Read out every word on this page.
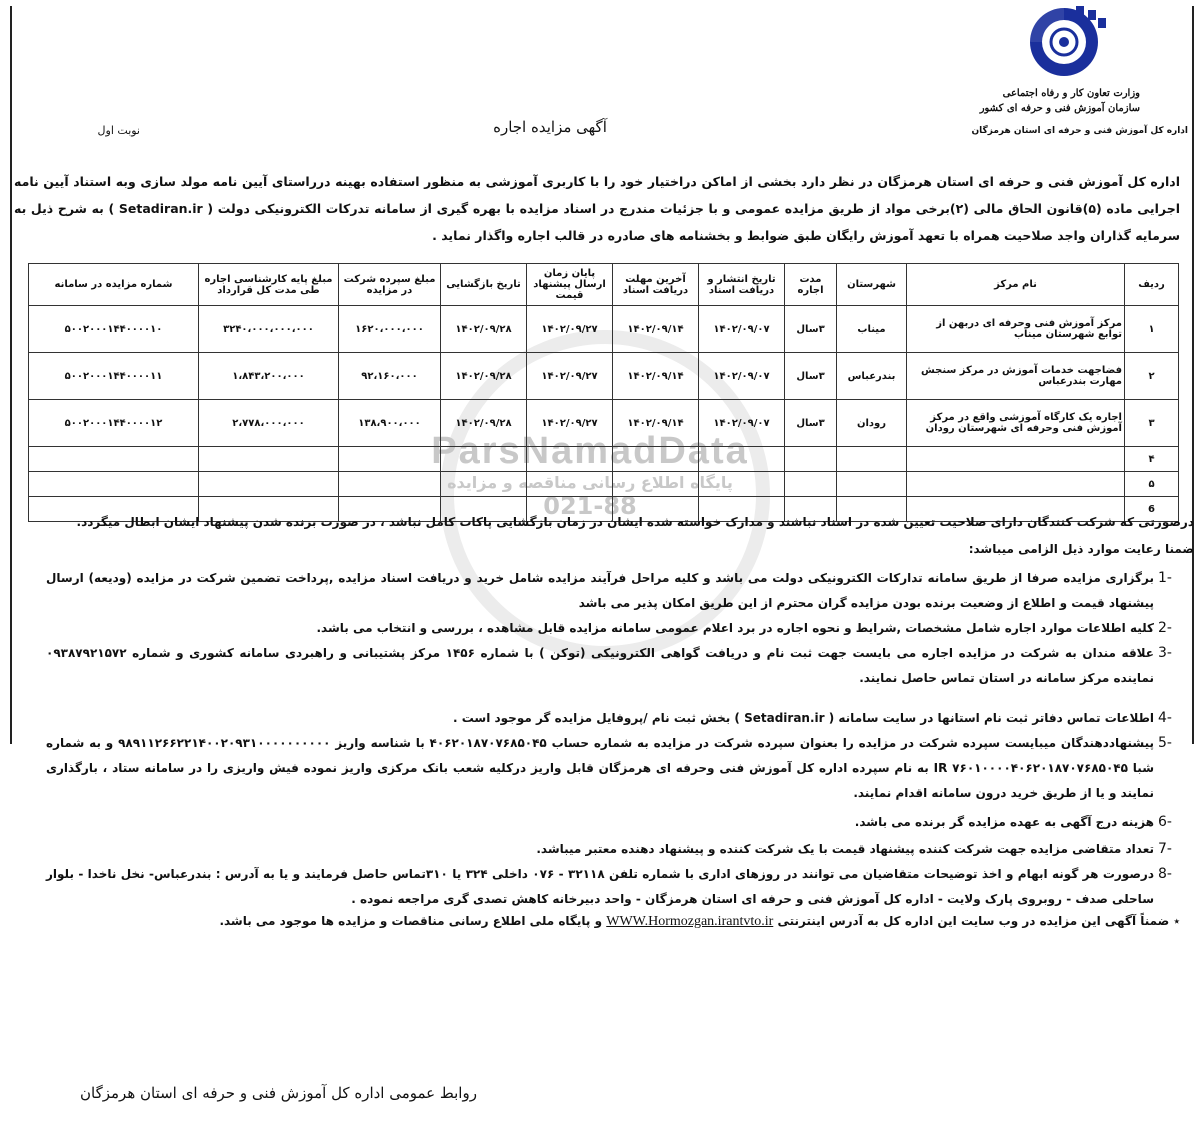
وزارت تعاون کار و رفاه اجتماعی
سازمان آموزش فنی و حرفه ای کشور
اداره کل آموزش فنی و حرفه ای استان هرمزگان
آگهی مزایده اجاره
نوبت اول
اداره کل آموزش فنی و حرفه ای استان هرمزگان در نظر دارد بخشی از اماکن دراختیار خود را با کاربری آموزشی به منظور استفاده بهینه درراستای آیین نامه مولد سازی وبه استناد آیین نامه اجرایی ماده (۵)قانون الحاق مالی (۲)برخی مواد از طریق مزایده عمومی و با جزئیات مندرج در اسناد مزایده با بهره گیری از سامانه تدرکات الکترونیکی دولت ( Setadiran.ir ) به شرح ذیل به سرمایه گذاران واجد صلاحیت همراه با تعهد آموزش رایگان طبق ضوابط و بخشنامه های صادره در قالب اجاره واگذار نماید .
ParsNamadData
پایگاه اطلاع رسانی مناقصه و مزایده
021-88
ردیف	نام مرکز	شهرستان	مدت اجاره	تاریخ انتشار و دریافت اسناد	آخرین مهلت دریافت اسناد	پایان زمان ارسال پیشنهاد قیمت	تاریخ بازگشایی	مبلغ سپرده شرکت در مزایده	مبلغ پایه کارشناسی اجاره طی مدت کل قرارداد	شماره مزایده در سامانه
۱	مرکز آموزش فنی وحرفه ای دربهن از توابع شهرستان میناب	میناب	۳سال	۱۴۰۲/۰۹/۰۷	۱۴۰۲/۰۹/۱۴	۱۴۰۲/۰۹/۲۷	۱۴۰۲/۰۹/۲۸	۱۶۲۰،۰۰۰،۰۰۰	۳۲۴۰،۰۰۰،۰۰۰،۰۰۰	۵۰۰۲۰۰۰۱۴۴۰۰۰۰۱۰
۲	فضاجهت خدمات آموزش در مرکز سنجش مهارت بندرعباس	بندرعباس	۳سال	۱۴۰۲/۰۹/۰۷	۱۴۰۲/۰۹/۱۴	۱۴۰۲/۰۹/۲۷	۱۴۰۲/۰۹/۲۸	۹۲،۱۶۰،۰۰۰	۱،۸۴۳،۲۰۰،۰۰۰	۵۰۰۲۰۰۰۱۴۴۰۰۰۰۱۱
۳	اجاره یک کارگاه آموزشی واقع در مرکز آموزش فنی وحرفه ای شهرستان رودان	رودان	۳سال	۱۴۰۲/۰۹/۰۷	۱۴۰۲/۰۹/۱۴	۱۴۰۲/۰۹/۲۷	۱۴۰۲/۰۹/۲۸	۱۳۸،۹۰۰،۰۰۰	۲،۷۷۸،۰۰۰،۰۰۰	۵۰۰۲۰۰۰۱۴۴۰۰۰۰۱۲
۴										
۵										
6										

درصورتی که شرکت کنندگان دارای صلاحیت تعیین شده در اسناد نباشند و مدارک خواسته شده ایشان در زمان بازگشایی پاکات کامل نباشد ، در صورت برنده شدن پیشنهاد ایشان ابطال میگردد.

ضمنا رعایت موارد ذیل الزامی میباشد:

-1
برگزاری مزایده صرفا از طریق سامانه تدارکات الکترونیکی دولت می باشد و کلیه مراحل فرآیند مزایده شامل خرید و دریافت اسناد مزایده ,پرداخت تضمین شرکت در مزایده (ودیعه) ارسال پیشنهاد قیمت و اطلاع از وضعیت برنده بودن مزایده گران محترم از این طریق امکان پذیر می باشد
-2
کلیه اطلاعات موارد اجاره شامل مشخصات ,شرایط و نحوه اجاره در برد اعلام عمومی سامانه مزایده قابل مشاهده ، بررسی و انتخاب می باشد.
-3
علاقه مندان به شرکت در مزایده اجاره می بایست جهت ثبت نام و دریافت گواهی الکترونیکی (توکن ) با شماره ۱۴۵۶ مرکز پشتیبانی و راهبردی سامانه کشوری و شماره ۰۹۳۸۷۹۲۱۵۷۲ نماینده مرکز سامانه در استان تماس حاصل نمایند.
-4
اطلاعات تماس دفاتر ثبت نام استانها در سایت سامانه ( Setadiran.ir ) بخش ثبت نام /پروفایل مزایده گر موجود است .
-5
پیشنهاددهندگان میبایست سپرده شرکت در مزایده را بعنوان سپرده شرکت در مزایده به شماره حساب ۴۰۶۲۰۱۸۷۰۷۶۸۵۰۴۵ با شناسه واریز ۹۸۹۱۱۲۶۶۲۲۱۴۰۰۲۰۹۳۱۰۰۰۰۰۰۰۰۰۰ و به شماره شبا IR ۷۶۰۱۰۰۰۰۴۰۶۲۰۱۸۷۰۷۶۸۵۰۴۵ به نام سپرده اداره کل آموزش فنی وحرفه ای هرمزگان قابل واریز درکلیه شعب بانک مرکزی واریز نموده فیش واریزی را در سامانه ستاد ، بارگذاری نمایند و یا از طریق خرید درون سامانه اقدام نمایند.
-6
هزینه درج آگهی به عهده مزایده گر برنده می باشد.
-7
تعداد متقاضی مزایده جهت شرکت کننده پیشنهاد قیمت با یک شرکت کننده و پیشنهاد دهنده معتبر میباشد.
-8
درصورت هر گونه ابهام و اخذ توضیحات متقاضیان می توانند در روزهای اداری با شماره تلفن ۳۲۱۱۸ - ۰۷۶ داخلی ۳۲۴ یا ۳۱۰تماس حاصل فرمایند و یا به آدرس : بندرعباس- نخل ناخدا - بلوار ساحلی صدف - روبروی پارک ولایت - اداره کل آموزش فنی و حرفه ای استان هرمزگان - واحد دبیرخانه کاهش تصدی گری مراجعه نموده .
٭ ضمناً آگهی این مزایده در وب سایت این اداره کل به آدرس اینترنتی WWW.Hormozgan.irantvto.ir و پایگاه ملی اطلاع رسانی مناقصات و مزایده ها موجود می باشد.
روابط عمومی اداره کل آموزش فنی و حرفه ای استان هرمزگان
